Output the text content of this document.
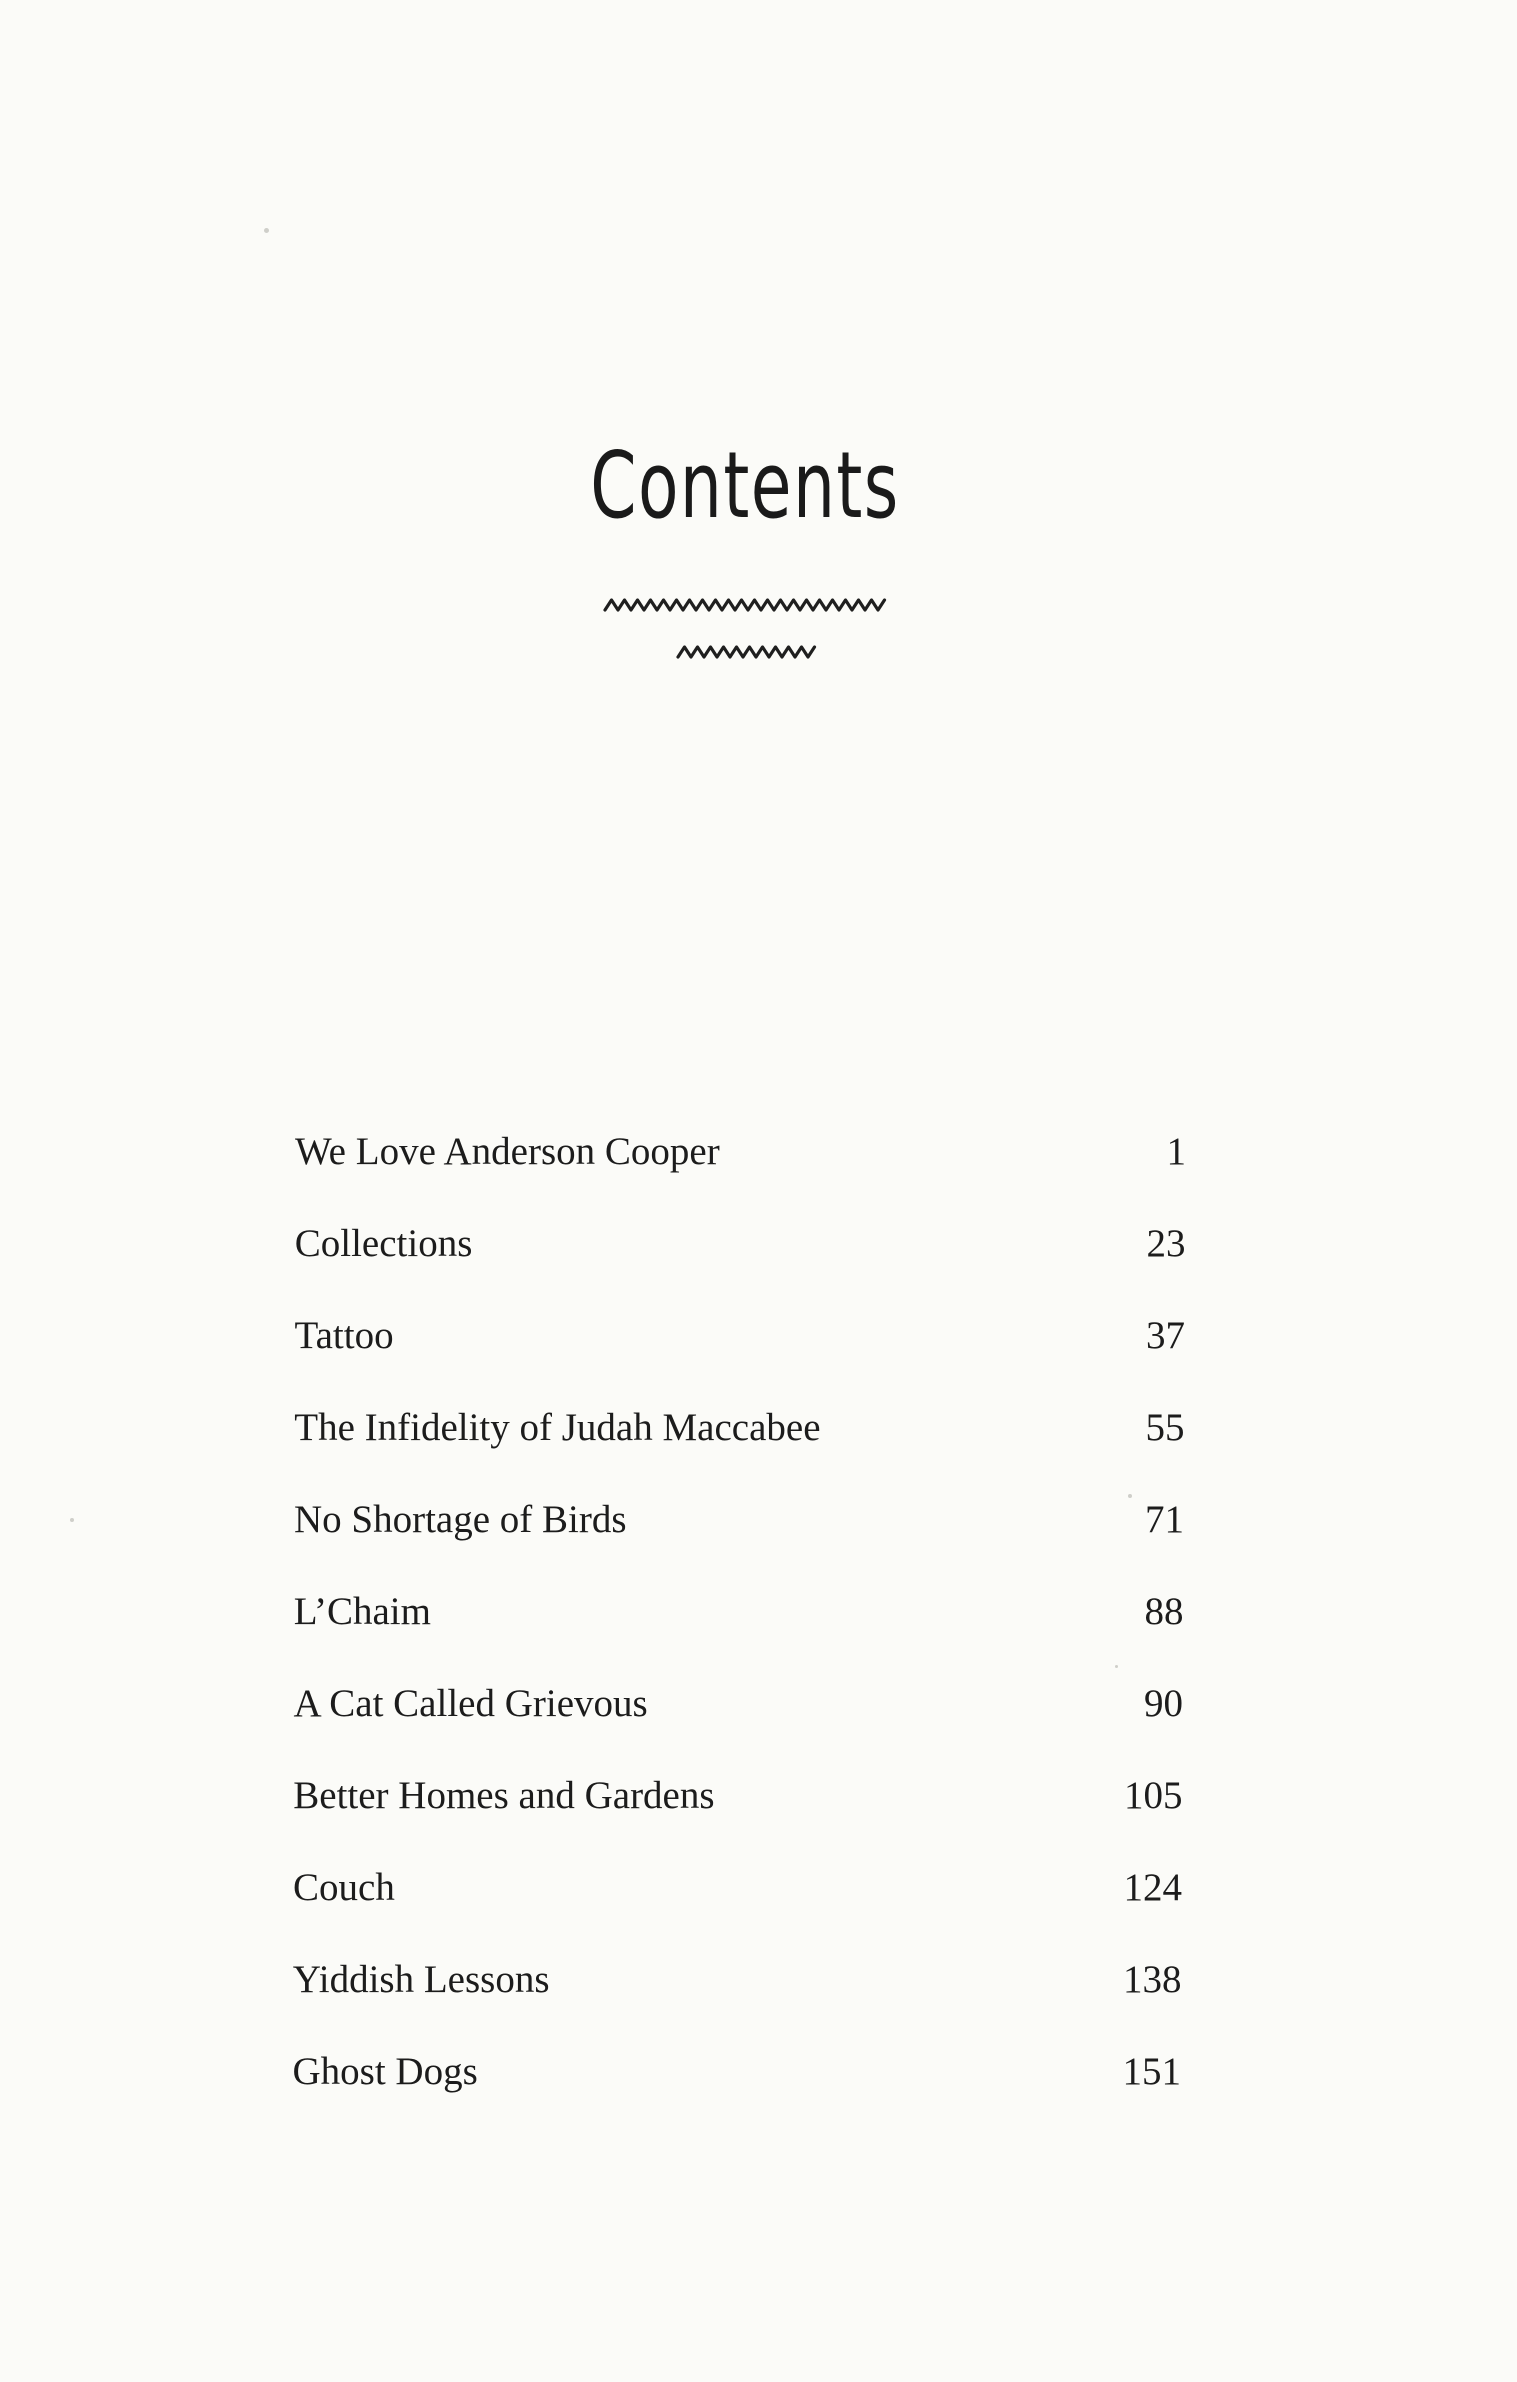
Contents
We Love Anderson Cooper	1
Collections	23
Tattoo	37
The Infidelity of Judah Maccabee	55
No Shortage of Birds	71
L’Chaim	88
A Cat Called Grievous	90
Better Homes and Gardens	105
Couch	124
Yiddish Lessons	138
Ghost Dogs	151
